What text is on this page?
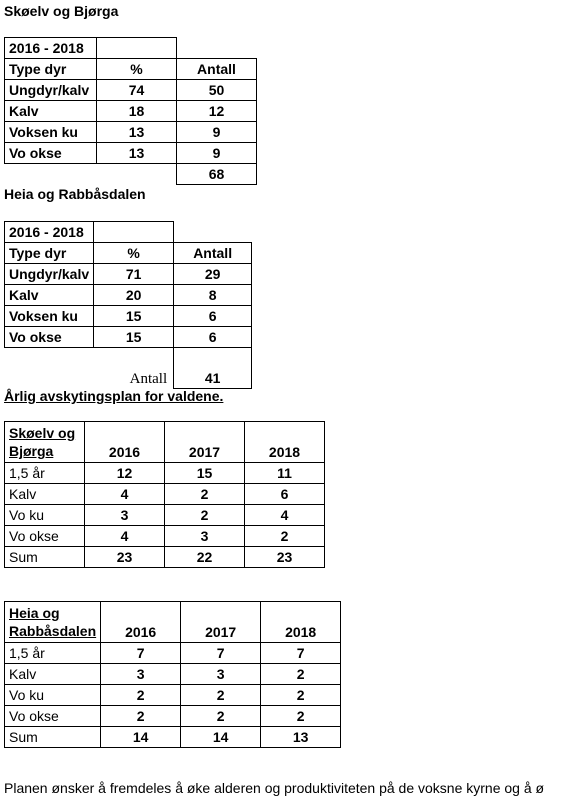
Skøelv og Bjørga
2016 - 2018		
Type dyr	%	Antall
Ungdyr/kalv	74	50
Kalv	18	12
Voksen ku	13	9
Vo okse	13	9
		68
Heia og Rabbåsdalen
2016 - 2018		
Type dyr	%	Antall
Ungdyr/kalv	71	29
Kalv	20	8
Voksen ku	15	6
Vo okse	15	6

	Antall	41
Årlig avskytingsplan for valdene.
Skøelv og
Bjørga	2016	2017	2018
1,5 år	12	15	11
Kalv	4	2	6
Vo ku	3	2	4
Vo okse	4	3	2
Sum	23	22	23
Heia og
Rabbåsdalen	2016	2017	2018
1,5 år	7	7	7
Kalv	3	3	2
Vo ku	2	2	2
Vo okse	2	2	2
Sum	14	14	13
Planen ønsker å fremdeles å øke alderen og produktiviteten på de voksne kyrne og å ø
